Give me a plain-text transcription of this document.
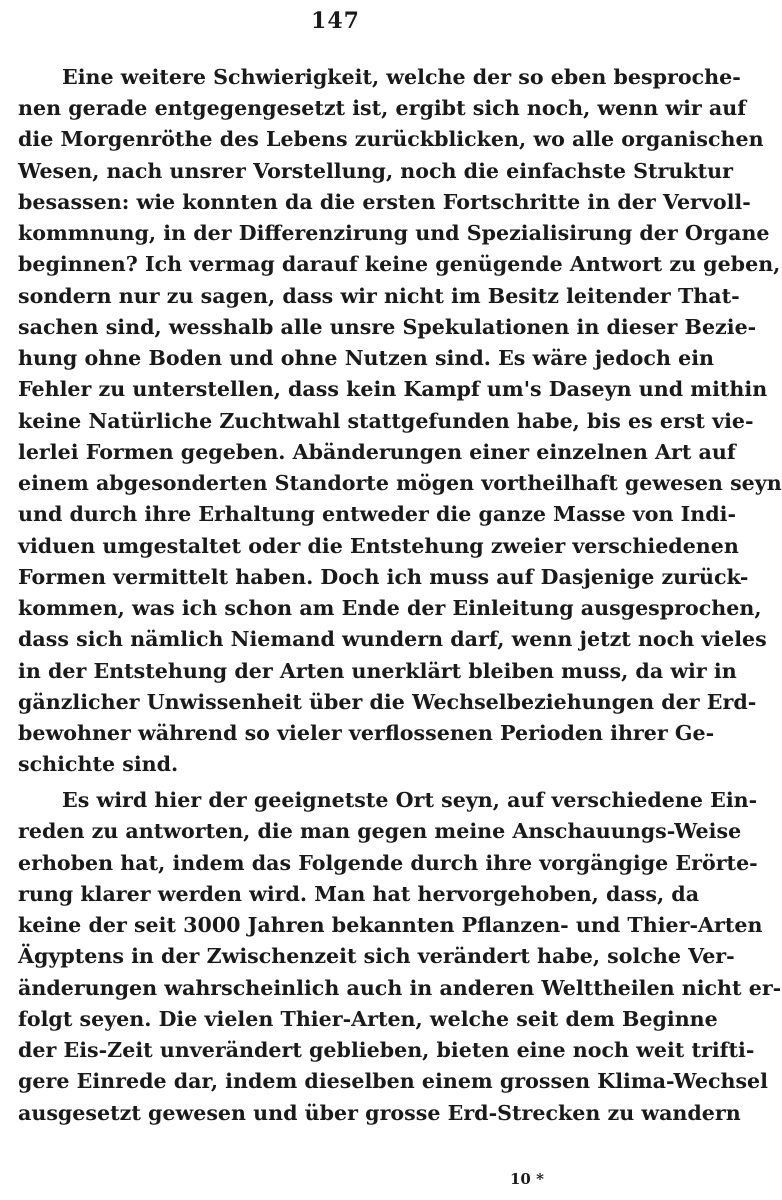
147
Eine weitere Schwierigkeit, welche der so eben besproche-
nen gerade entgegengesetzt ist, ergibt sich noch, wenn wir auf
die Morgenröthe des Lebens zurückblicken, wo alle organischen
Wesen, nach unsrer Vorstellung, noch die einfachste Struktur
besassen: wie konnten da die ersten Fortschritte in der Vervoll-
kommnung, in der Differenzirung und Spezialisirung der Organe
beginnen? Ich vermag darauf keine genügende Antwort zu geben,
sondern nur zu sagen, dass wir nicht im Besitz leitender That-
sachen sind, wesshalb alle unsre Spekulationen in dieser Bezie-
hung ohne Boden und ohne Nutzen sind. Es wäre jedoch ein
Fehler zu unterstellen, dass kein Kampf um's Daseyn und mithin
keine Natürliche Zuchtwahl stattgefunden habe, bis es erst vie-
lerlei Formen gegeben. Abänderungen einer einzelnen Art auf
einem abgesonderten Standorte mögen vortheilhaft gewesen seyn
und durch ihre Erhaltung entweder die ganze Masse von Indi-
viduen umgestaltet oder die Entstehung zweier verschiedenen
Formen vermittelt haben. Doch ich muss auf Dasjenige zurück-
kommen, was ich schon am Ende der Einleitung ausgesprochen,
dass sich nämlich Niemand wundern darf, wenn jetzt noch vieles
in der Entstehung der Arten unerklärt bleiben muss, da wir in
gänzlicher Unwissenheit über die Wechselbeziehungen der Erd-
bewohner während so vieler verflossenen Perioden ihrer Ge-
schichte sind.
Es wird hier der geeignetste Ort seyn, auf verschiedene Ein-
reden zu antworten, die man gegen meine Anschauungs-Weise
erhoben hat, indem das Folgende durch ihre vorgängige Erörte-
rung klarer werden wird. Man hat hervorgehoben, dass, da
keine der seit 3000 Jahren bekannten Pflanzen- und Thier-Arten
Ägyptens in der Zwischenzeit sich verändert habe, solche Ver-
änderungen wahrscheinlich auch in anderen Welttheilen nicht er-
folgt seyen. Die vielen Thier-Arten, welche seit dem Beginne
der Eis-Zeit unverändert geblieben, bieten eine noch weit trifti-
gere Einrede dar, indem dieselben einem grossen Klima-Wechsel
ausgesetzt gewesen und über grosse Erd-Strecken zu wandern
10 *
